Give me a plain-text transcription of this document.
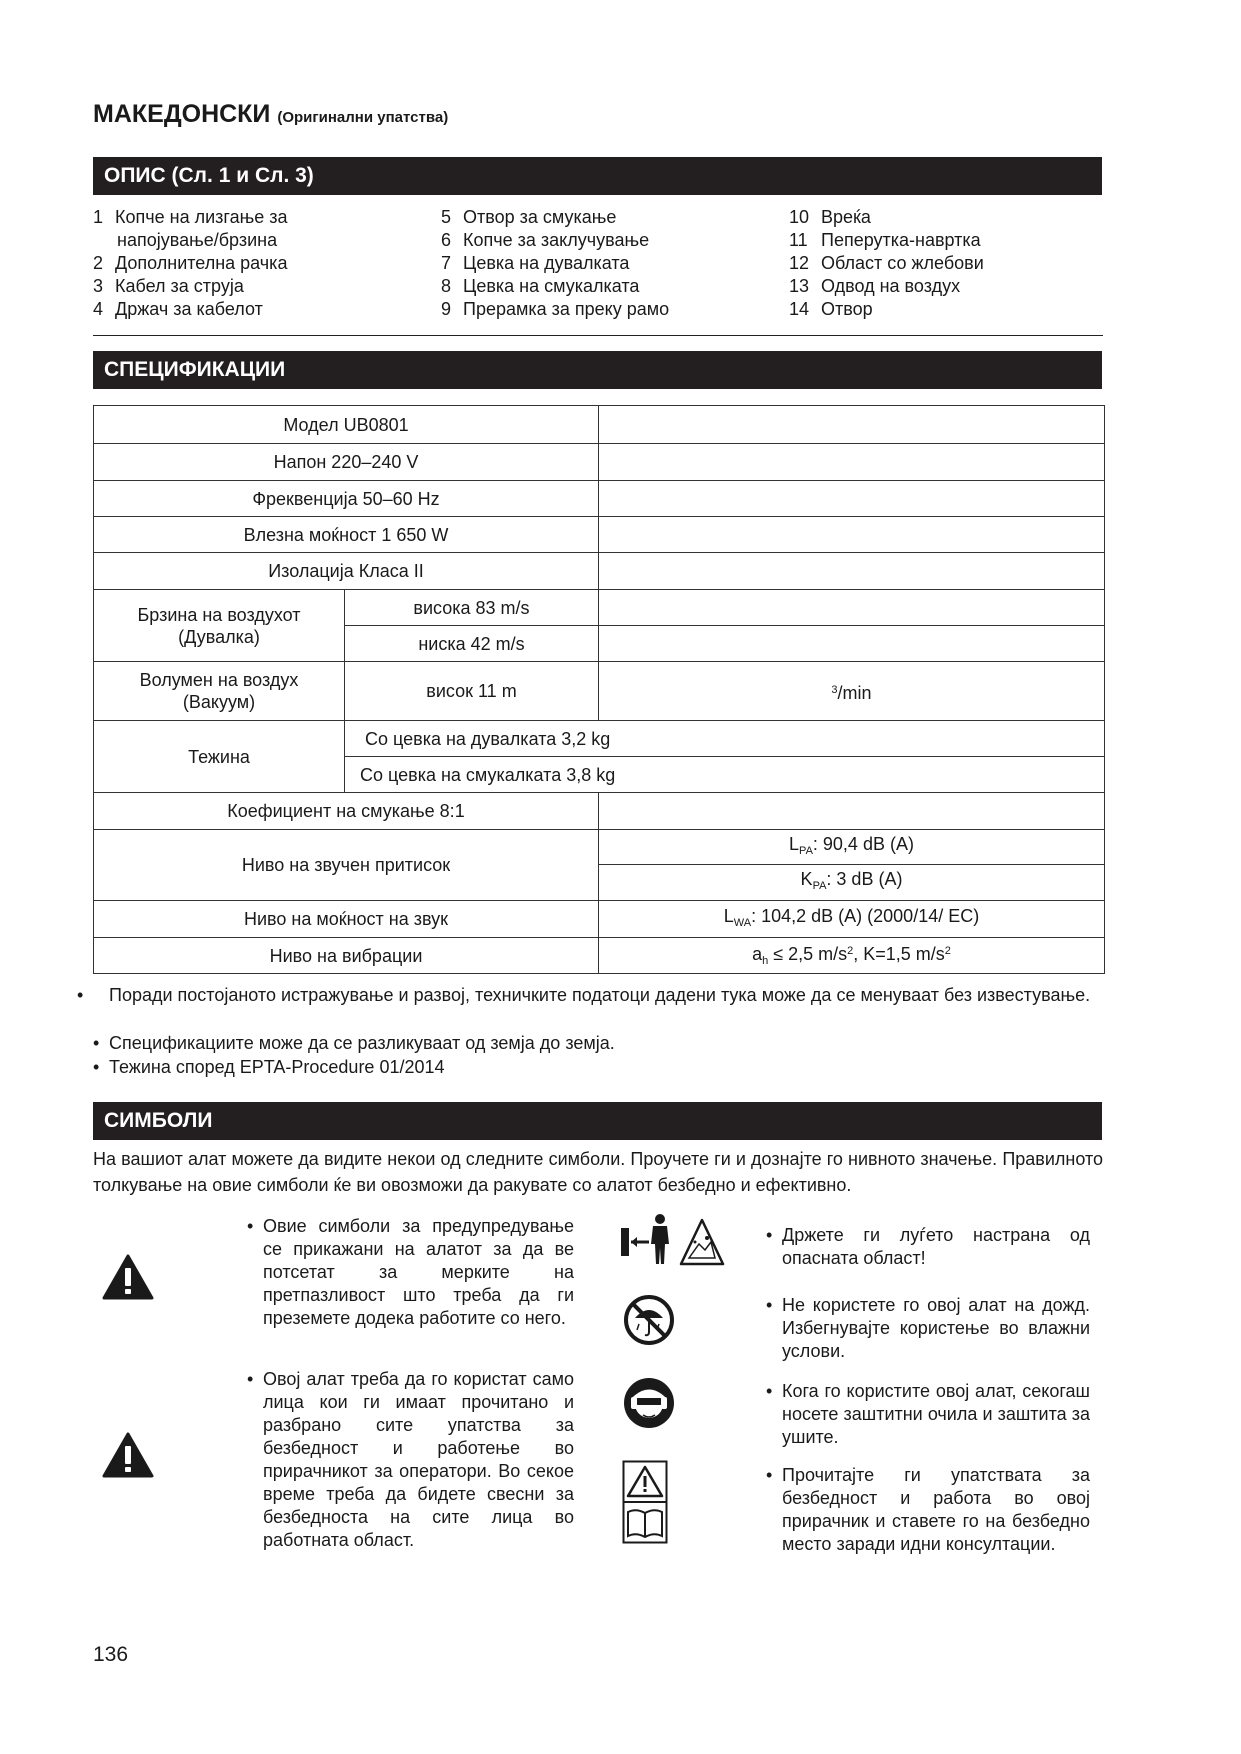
МАКЕДОНСКИ (Оригинални упатства)
ОПИС (Сл. 1 и Сл. 3)
1 Копче на лизгање за
напојување/брзина
2 Дополнителна рачка
3 Кабел за струја
4 Држач за кабелот
5 Отвор за смукање
6 Копче за заклучување
7 Цевка на дувалката
8 Цевка на смукалката
9 Прерамка за преку рамо
10 Вреќа
11 Пеперутка-навртка
12 Област со жлебови
13 Одвод на воздух
14 Отвор
СПЕЦИФИКАЦИИ
Модел UB0801		
Напон 220–240 V		
Фреквенција 50–60 Hz		
Влезна моќност 1 650 W		
Изолација Класа II		
Брзина на воздухот
(Дувалка)	висока 83 m/s	
	ниска 42 m/s	
Волумен на воздух
(Вакуум)	висок 11 m	$^3$/min
Тежина	Со цевка на дувалката 3,2 kg	
	Со цевка на смукалката 3,8 kg	
Коефициент на смукање 8:1		
Ниво на звучен притисок		$L_{PA}$: 90,4 dB (A)
		$K_{PA}$: 3 dB (A)
Ниво на моќност на звук		$L_{WA}$: 104,2 dB (A) (2000/14/ EC)
Ниво на вибрации		$a_h \le 2,5$ $m/s^2$, K=1,5 $m/s^2$
• Поради постојаното истражување и развој, техничките податоци дадени тука може да се менуваат без известување.
• Спецификациите може да се разликуваат од земја до земја.
• Тежина според EPTA-Procedure 01/2014
СИМБОЛИ
На вашиот алат можете да видите некои од следните симболи. Проучете ги и дознајте го нивното значење. Правилното толкување на овие симболи ќе ви овозможи да ракувате со алатот безбедно и ефективно.
• Овие симболи за предупредување се прикажани на алатот за да ве потсетат за мерките на претпазливост што треба да ги преземете додека работите со него.
• Овој алат треба да го користат само лица кои ги имаат прочитано и разбрано сите упатства за безбедност и работење во прирачникот за оператори. Во секое време треба да бидете свесни за безбедноста на сите лица во работната област.
• Држете ги луѓето настрана од опасната област!
• Не користете го овој алат на дожд. Избегнувајте користење во влажни услови.
• Кога го користите овој алат, секогаш носете заштитни очила и заштита за ушите.
• Прочитајте ги упатствата за безбедност и работа во овој прирачник и ставете го на безбедно место заради идни консултации.
136
